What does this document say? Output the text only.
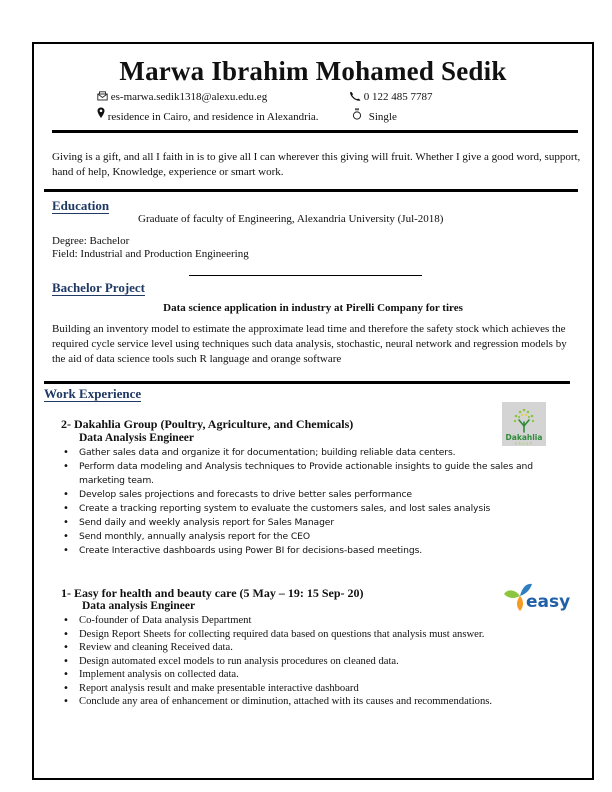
Marwa Ibrahim Mohamed Sedik
es-marwa.sedik1318@alexu.edu.eg	0 122 485 7787
residence in Cairo, and residence in Alexandria.	Single
Giving is a gift, and all I faith in is to give all I can wherever this giving will fruit. Whether I give a good word, support, hand of help, Knowledge, experience or smart work.
Education
Graduate of faculty of Engineering, Alexandria University (Jul-2018)
Degree: Bachelor
Field: Industrial and Production Engineering
Bachelor Project
Data science application in industry at Pirelli Company for tires
Building an inventory model to estimate the approximate lead time and therefore the safety stock which achieves the required cycle service level using techniques such data analysis, stochastic, neural network and regression models by the aid of data science tools such R language and orange software
Work Experience
2- Dakahlia Group (Poultry, Agriculture, and Chemicals)
Data Analysis Engineer	Dakahlia
GROUP
• Gather sales data and organize it for documentation; building reliable data centers.
• Perform data modeling and Analysis techniques to Provide actionable insights to guide the sales and marketing team.
• Develop sales projections and forecasts to drive better sales performance
• Create a tracking reporting system to evaluate the customers sales, and lost sales analysis
• Send daily and weekly analysis report for Sales Manager
• Send monthly, annually analysis report for the CEO
• Create Interactive dashboards using Power BI for decisions-based meetings.
1- Easy for health and beauty care (5 May – 19: 15 Sep- 20)
Data analysis Engineer	easy
• Co-founder of Data analysis Department
• Design Report Sheets for collecting required data based on questions that analysis must answer.
• Review and cleaning Received data.
• Design automated excel models to run analysis procedures on cleaned data.
• Implement analysis on collected data.
• Report analysis result and make presentable interactive dashboard
• Conclude any area of enhancement or diminution, attached with its causes and recommendations.
